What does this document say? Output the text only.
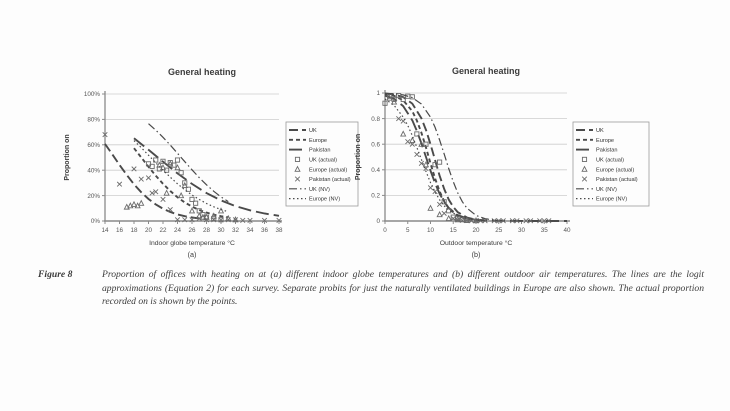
0%
20%
40%
60%
80%
100%
14 16 18 20 22 24 26 28 30 32 34 36 38
General heating
Proportion on
Indoor globe temperature °C
(a)
UK
Europe
Pakistan
UK (actual)
Europe (actual)
Pakistan (actual)
UK (NV)
Europe (NV)
0
0.2
0.4
0.6
0.8
1
0	5	10 15 20 25 30 35 40
General heating
Proportion on
Outdoor temperature °C
(b)
UK
Europe
Pakistan
UK (actual)
Europe (actual)
Pakistan (actual)
UK (NV)
Europe (NV)
Figure 8	Proportion of offices with heating on at (a) different indoor globe temperatures and (b) different outdoor air temperatures. The lines are the logit approximations (Equation 2) for each survey. Separate probits for just the naturally ventilated buildings in Europe are also shown. The actual proportion recorded on is shown by the points.
